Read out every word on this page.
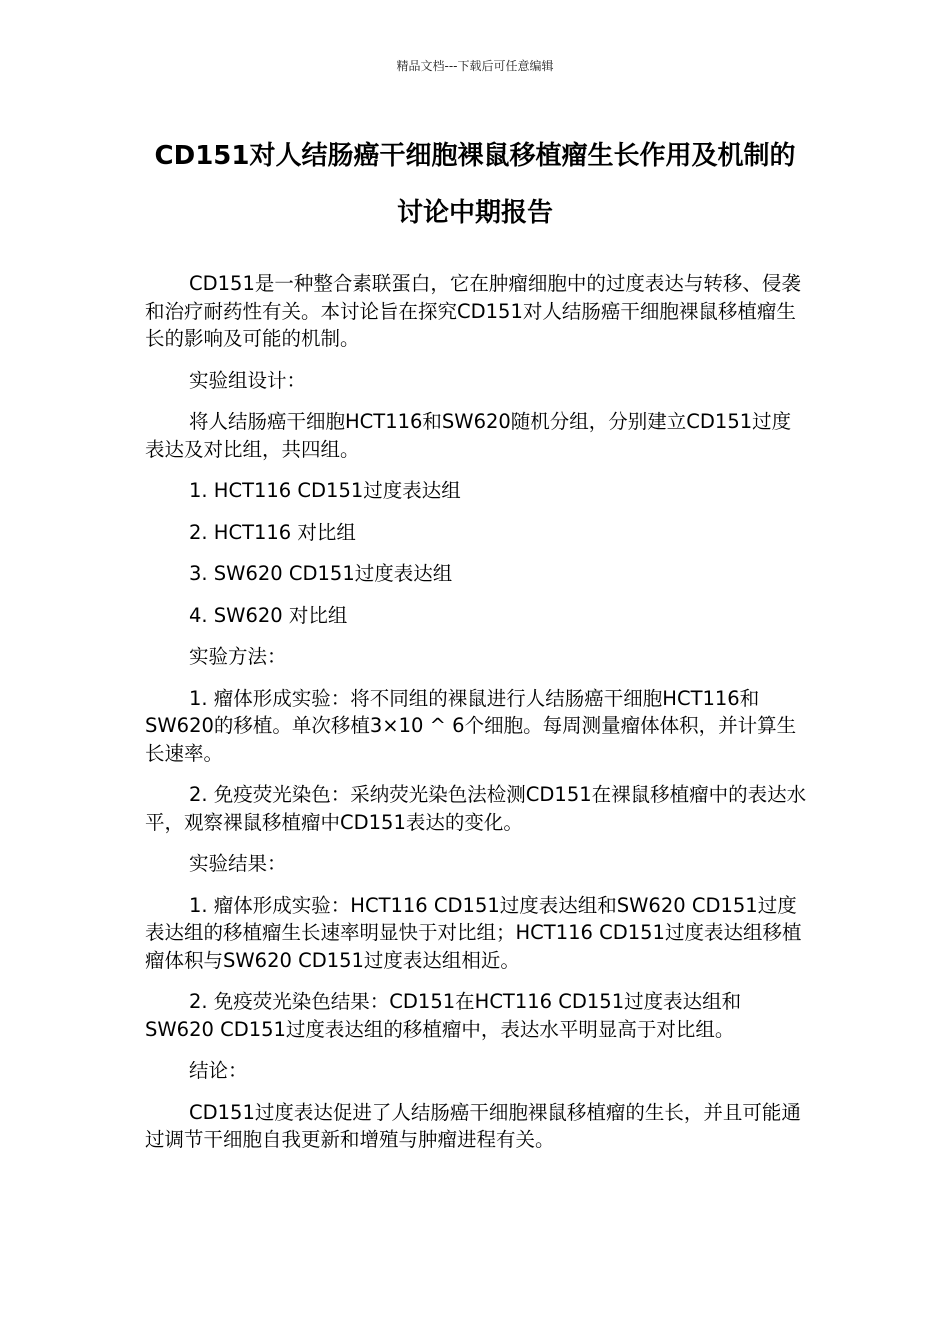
精品文档---下载后可任意编辑
CD151对人结肠癌干细胞裸鼠移植瘤生长作用及机制的讨论中期报告

CD151是一种整合素联蛋白，它在肿瘤细胞中的过度表达与转移、侵袭和治疗耐药性有关。本讨论旨在探究CD151对人结肠癌干细胞裸鼠移植瘤生长的影响及可能的机制。

实验组设计：

将人结肠癌干细胞HCT116和SW620随机分组，分别建立CD151过度表达及对比组，共四组。

1. HCT116 CD151过度表达组

2. HCT116 对比组

3. SW620 CD151过度表达组

4. SW620 对比组

实验方法：

1. 瘤体形成实验：将不同组的裸鼠进行人结肠癌干细胞HCT116和SW620的移植。单次移植3×10 ^ 6个细胞。每周测量瘤体体积，并计算生长速率。

2. 免疫荧光染色：采纳荧光染色法检测CD151在裸鼠移植瘤中的表达水平，观察裸鼠移植瘤中CD151表达的变化。

实验结果：

1. 瘤体形成实验：HCT116 CD151过度表达组和SW620 CD151过度表达组的移植瘤生长速率明显快于对比组；HCT116 CD151过度表达组移植瘤体积与SW620 CD151过度表达组相近。

2. 免疫荧光染色结果：CD151在HCT116 CD151过度表达组和SW620 CD151过度表达组的移植瘤中，表达水平明显高于对比组。

结论：

CD151过度表达促进了人结肠癌干细胞裸鼠移植瘤的生长，并且可能通过调节干细胞自我更新和增殖与肿瘤进程有关。
